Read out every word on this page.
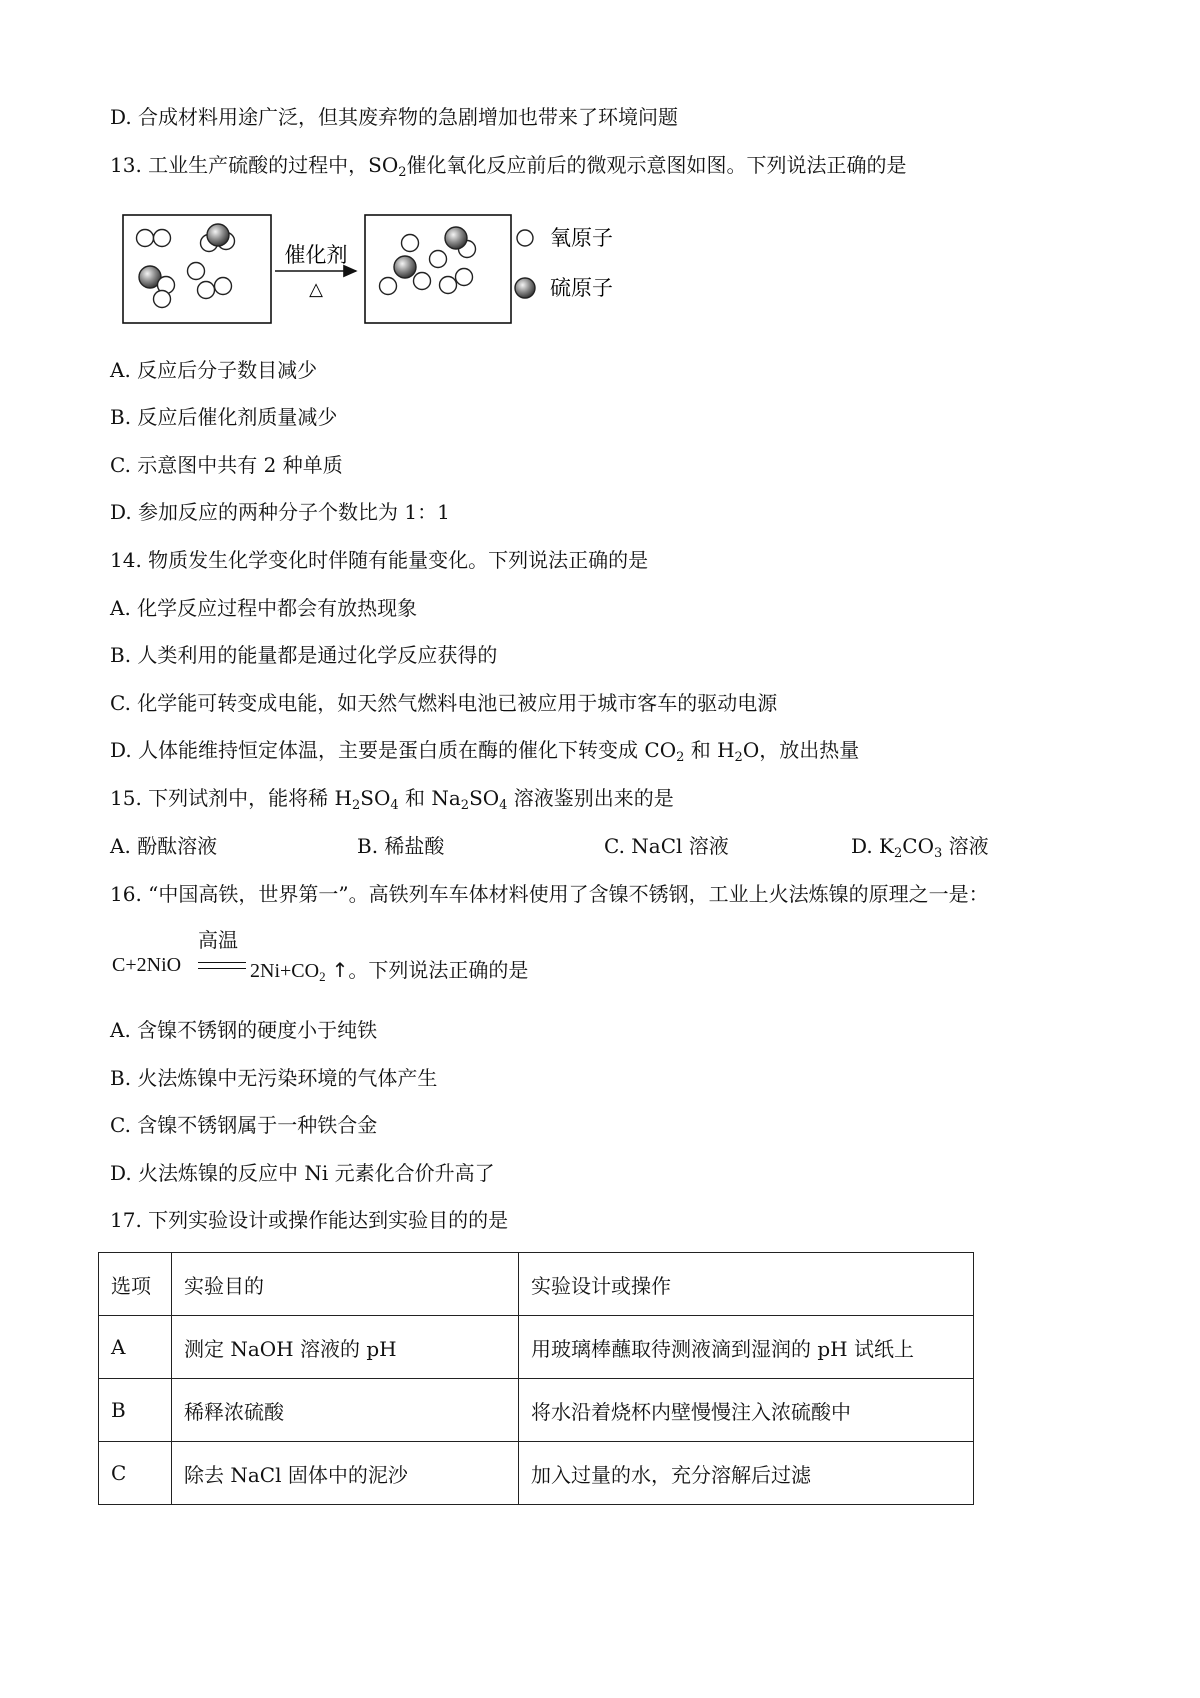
D. 合成材料用途广泛，但其废弃物的急剧增加也带来了环境问题
13. 工业生产硫酸的过程中，$SO_2$催化氧化反应前后的微观示意图如图。下列说法正确的是
催化剂
△
氧原子
硫原子
A. 反应后分子数目减少
B. 反应后催化剂质量减少
C. 示意图中共有 2 种单质
D. 参加反应的两种分子个数比为 1：1
14. 物质发生化学变化时伴随有能量变化。下列说法正确的是
A. 化学反应过程中都会有放热现象
B. 人类利用的能量都是通过化学反应获得的
C. 化学能可转变成电能，如天然气燃料电池已被应用于城市客车的驱动电源
D. 人体能维持恒定体温，主要是蛋白质在酶的催化下转变成 $CO_2$ 和 $H_2O$，放出热量
15. 下列试剂中，能将稀 $H_2SO_4$ 和 $Na_2SO_4$ 溶液鉴别出来的是
A. 酚酞溶液	B. 稀盐酸	C. NaCl 溶液	D. $K_2CO_3$ 溶液
16. “中国高铁，世界第一”。高铁列车车体材料使用了含镍不锈钢，工业上火法炼镍的原理之一是：
C+2NiO
高温
$2Ni+CO_2$ ↑。下列说法正确的是
A. 含镍不锈钢的硬度小于纯铁
B. 火法炼镍中无污染环境的气体产生
C. 含镍不锈钢属于一种铁合金
D. 火法炼镍的反应中 Ni 元素化合价升高了
17. 下列实验设计或操作能达到实验目的的是
选项	实验目的	实验设计或操作
A	测定 NaOH 溶液的 pH	用玻璃棒蘸取待测液滴到湿润的 pH 试纸上
B	稀释浓硫酸	将水沿着烧杯内壁慢慢注入浓硫酸中
C	除去 NaCl 固体中的泥沙	加入过量的水，充分溶解后过滤
